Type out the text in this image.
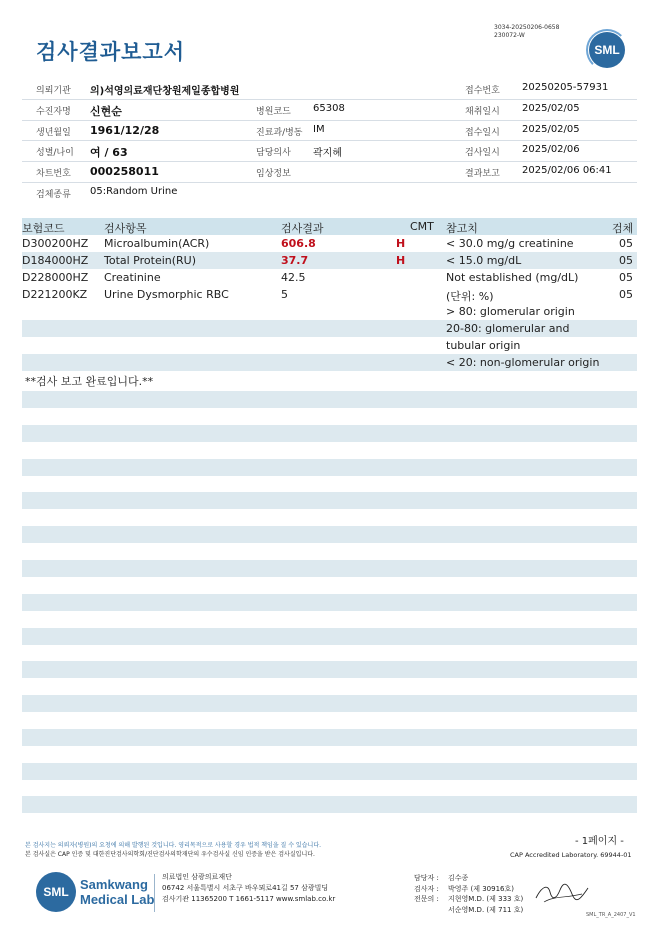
검사결과보고서
3034-20250206-0658
230072-W
SML
의뢰기관 의)석영의료재단창원제일종합병원	접수번호 20250205-57931
수진자명 신현순	병원코드 65308	채취일시 2025/02/05
생년월일 1961/12/28	진료과/병동 IM	접수일시 2025/02/05
성별/나이 여 / 63	담당의사 곽지혜	검사일시 2025/02/06
차트번호 000258011	임상정보	결과보고 2025/02/06 06:41
검체종류 05:Random Urine
보험코드	검사항목	검사결과	CMT 참고치	검체
D300200HZ Microalbumin(ACR)	606.8	H	< 30.0 mg/g creatinine	05
D184000HZ Total Protein(RU)	37.7	H	< 15.0 mg/dL	05
D228000HZ Creatinine	42.5	Not established (mg/dL)	05
D221200KZ Urine Dysmorphic RBC	5	(단위: %)	05
> 80: glomerular origin
20-80: glomerular and
tubular origin
< 20: non-glomerular origin
**검사 보고 완료입니다.**
- 1페이지 -
본 검사지는 의뢰자(병원)의 요청에 의해 발행된 것입니다. 영리목적으로 사용할 경우 법적 책임을 질 수 있습니다.
본 검사실은 CAP 인증 및 대한진단검사의학회/진단검사의학재단의 우수검사실 신임 인증을 받은 검사실입니다.	CAP Accredited Laboratory. 69944-01
SML Samkwang
Medical Lab
의료법인 삼광의료재단
06742 서울특별시 서초구 바우뫼로41길 57 삼광빌딩
검사기관 11365200 T 1661-5117 www.smlab.co.kr
담당자 : 김수종
검사자 : 박영주 (제 30916호)
전문의 : 지현영M.D. (제 333 호)
서순영M.D. (제 711 호)
SML_TR_A_2407_V1
